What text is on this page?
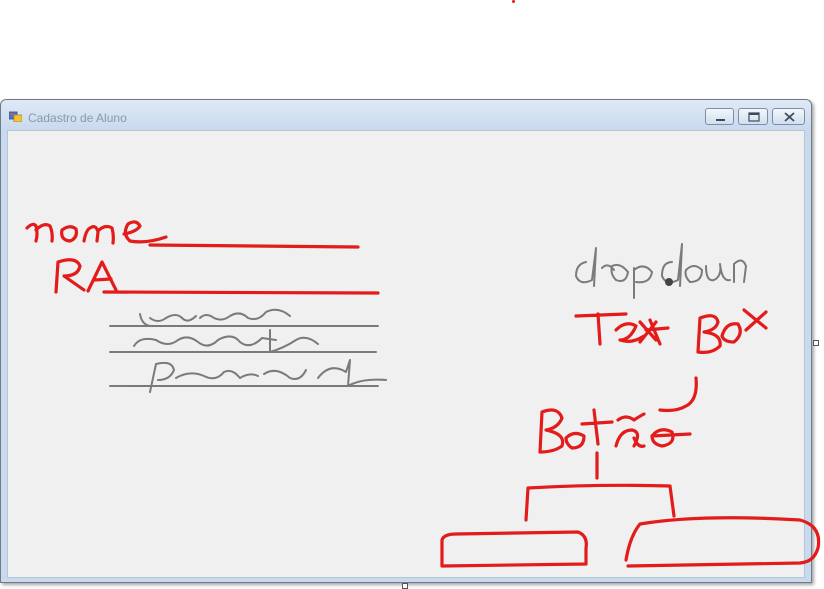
Cadastro de Aluno
